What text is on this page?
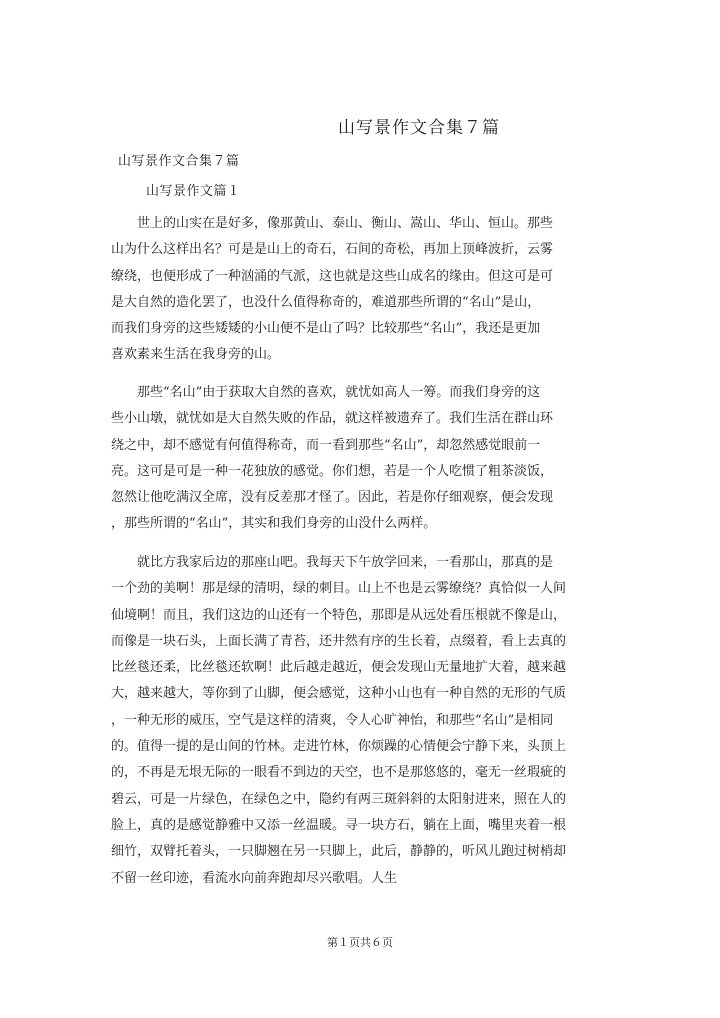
山写景作文合集７篇
山写景作文合集７篇
山写景作文篇１
世上的山实在是好多，像那黄山、泰山、衡山、嵩山、华山、恒山。那些
山为什么这样出名？可是是山上的奇石，石间的奇松，再加上顶峰波折，云雾
缭绕，也便形成了一种汹涌的气派，这也就是这些山成名的缘由。但这可是可
是大自然的造化罢了，也没什么值得称奇的，难道那些所谓的“名山”是山，
而我们身旁的这些矮矮的小山便不是山了吗？比较那些“名山”，我还是更加
喜欢素来生活在我身旁的山。
那些“名山”由于获取大自然的喜欢，就忧如高人一筹。而我们身旁的这
些小山墩，就忧如是大自然失败的作品，就这样被遗弃了。我们生活在群山环
绕之中，却不感觉有何值得称奇，而一看到那些“名山”，却忽然感觉眼前一
亮。这可是可是一种一花独放的感觉。你们想，若是一个人吃惯了粗茶淡饭，
忽然让他吃满汉全席，没有反差那才怪了。因此，若是你仔细观察，便会发现
，那些所谓的“名山”，其实和我们身旁的山没什么两样。
就比方我家后边的那座山吧。我每天下午放学回来，一看那山，那真的是
一个劲的美啊！那是绿的清明，绿的刺目。山上不也是云雾缭绕？真恰似一人间
仙境啊！而且，我们这边的山还有一个特色，那即是从远处看压根就不像是山，
而像是一块石头，上面长满了青苔，还井然有序的生长着，点缀着，看上去真的
比丝毯还柔，比丝毯还软啊！此后越走越近，便会发现山无量地扩大着，越来越
大，越来越大，等你到了山脚，便会感觉，这种小山也有一种自然的无形的气质
，一种无形的威压，空气是这样的清爽，令人心旷神怡，和那些“名山”是相同
的。值得一提的是山间的竹林。走进竹林，你烦躁的心情便会宁静下来，头顶上
的，不再是无垠无际的一眼看不到边的天空，也不是那悠悠的，毫无一丝瑕疵的
碧云，可是一片绿色，在绿色之中，隐约有两三斑斜斜的太阳射进来，照在人的
脸上，真的是感觉静雅中又添一丝温暖。寻一块方石，躺在上面，嘴里夹着一根
细竹，双臂托着头，一只脚翘在另一只脚上，此后，静静的，听风儿跑过树梢却
不留一丝印迹，看流水向前奔跑却尽兴歌唱。人生
第１页共６页
